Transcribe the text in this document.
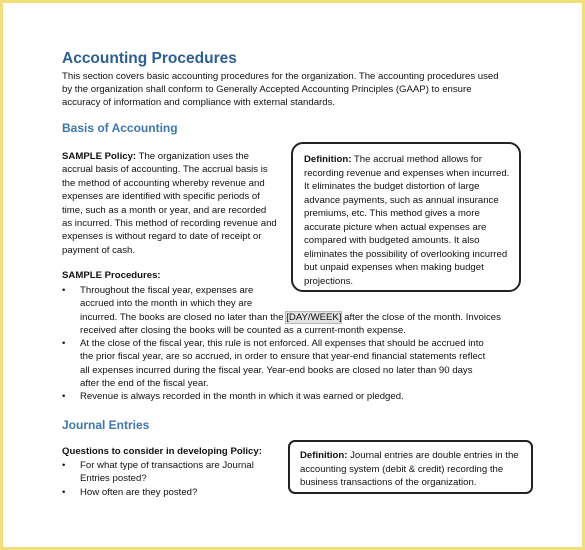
Accounting Procedures
This section covers basic accounting procedures for the organization. The accounting procedures used by the organization shall conform to Generally Accepted Accounting Principles (GAAP) to ensure accuracy of information and compliance with external standards.
Basis of Accounting
SAMPLE Policy: The organization uses the accrual basis of accounting. The accrual basis is the method of accounting whereby revenue and expenses are identified with specific periods of time, such as a month or year, and are recorded as incurred. This method of recording revenue and expenses is without regard to date of receipt or payment of cash.
Definition: The accrual method allows for recording revenue and expenses when incurred. It eliminates the budget distortion of large advance payments, such as annual insurance premiums, etc. This method gives a more accurate picture when actual expenses are compared with budgeted amounts. It also eliminates the possibility of overlooking incurred but unpaid expenses when making budget projections.
SAMPLE Procedures:
• Throughout the fiscal year, expenses are
accrued into the month in which they are
incurred. The books are closed no later than the [DAY/WEEK] after the close of the month. Invoices received after closing the books will be counted as a current-month expense.
• At the close of the fiscal year, this rule is not enforced. All expenses that should be accrued into the prior fiscal year, are so accrued, in order to ensure that year-end financial statements reflect all expenses incurred during the fiscal year. Year-end books are closed no later than 90 days after the end of the fiscal year.
• Revenue is always recorded in the month in which it was earned or pledged.
Journal Entries
Questions to consider in developing Policy:
• For what type of transactions are Journal Entries posted?
• How often are they posted?
Definition: Journal entries are double entries in the accounting system (debit & credit) recording the business transactions of the organization.
